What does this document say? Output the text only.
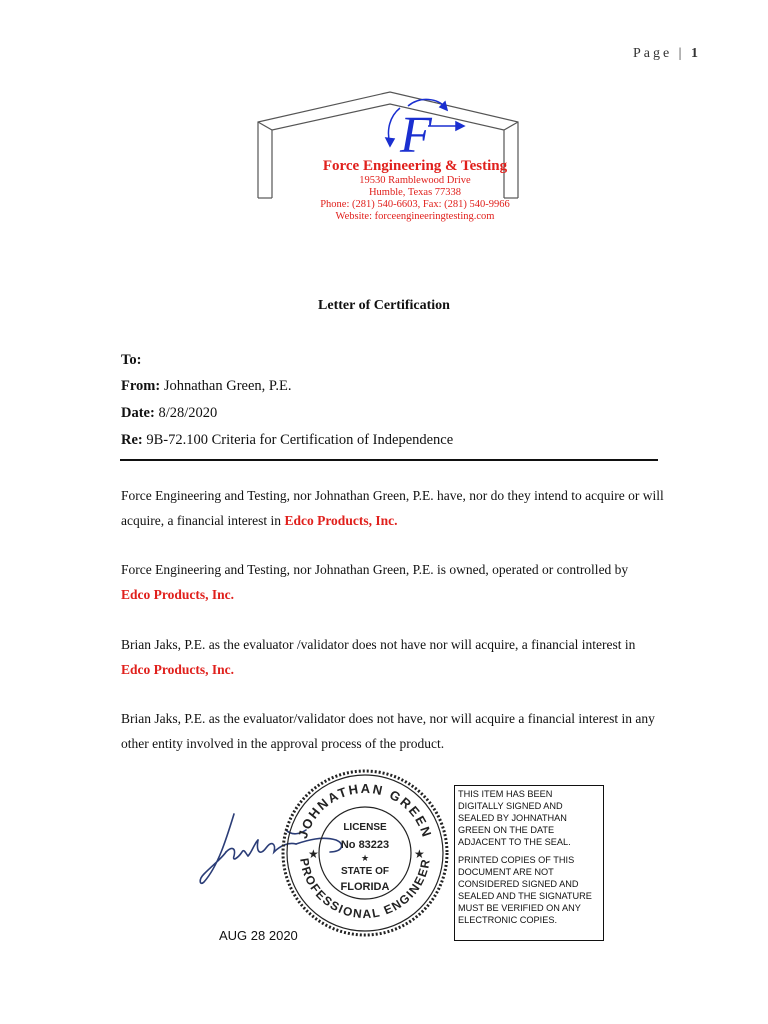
Page | 1
F
Force Engineering & Testing
19530 Ramblewood Drive
Humble, Texas 77338
Phone: (281) 540-6603, Fax: (281) 540-9966
Website: forceengineeringtesting.com
Letter of Certification
To:
From: Johnathan Green, P.E.
Date: 8/28/2020
Re: 9B-72.100 Criteria for Certification of Independence
Force Engineering and Testing, nor Johnathan Green, P.E. have, nor do they intend to acquire or will acquire, a financial interest in Edco Products, Inc.
Force Engineering and Testing, nor Johnathan Green, P.E. is owned, operated or controlled by
Edco Products, Inc.
Brian Jaks, P.E. as the evaluator /validator does not have nor will acquire, a financial interest in
Edco Products, Inc.
Brian Jaks, P.E. as the evaluator/validator does not have, nor will acquire a financial interest in any other entity involved in the approval process of the product.
JOHNATHAN GREEN
PROFESSIONAL ENGINEER
★	★
LICENSE
No 83223
★
STATE OF
FLORIDA
AUG 28 2020

THIS ITEM HAS BEEN DIGITALLY SIGNED AND SEALED BY JOHNATHAN GREEN ON THE DATE ADJACENT TO THE SEAL.

PRINTED COPIES OF THIS DOCUMENT ARE NOT CONSIDERED SIGNED AND SEALED AND THE SIGNATURE MUST BE VERIFIED ON ANY ELECTRONIC COPIES.
